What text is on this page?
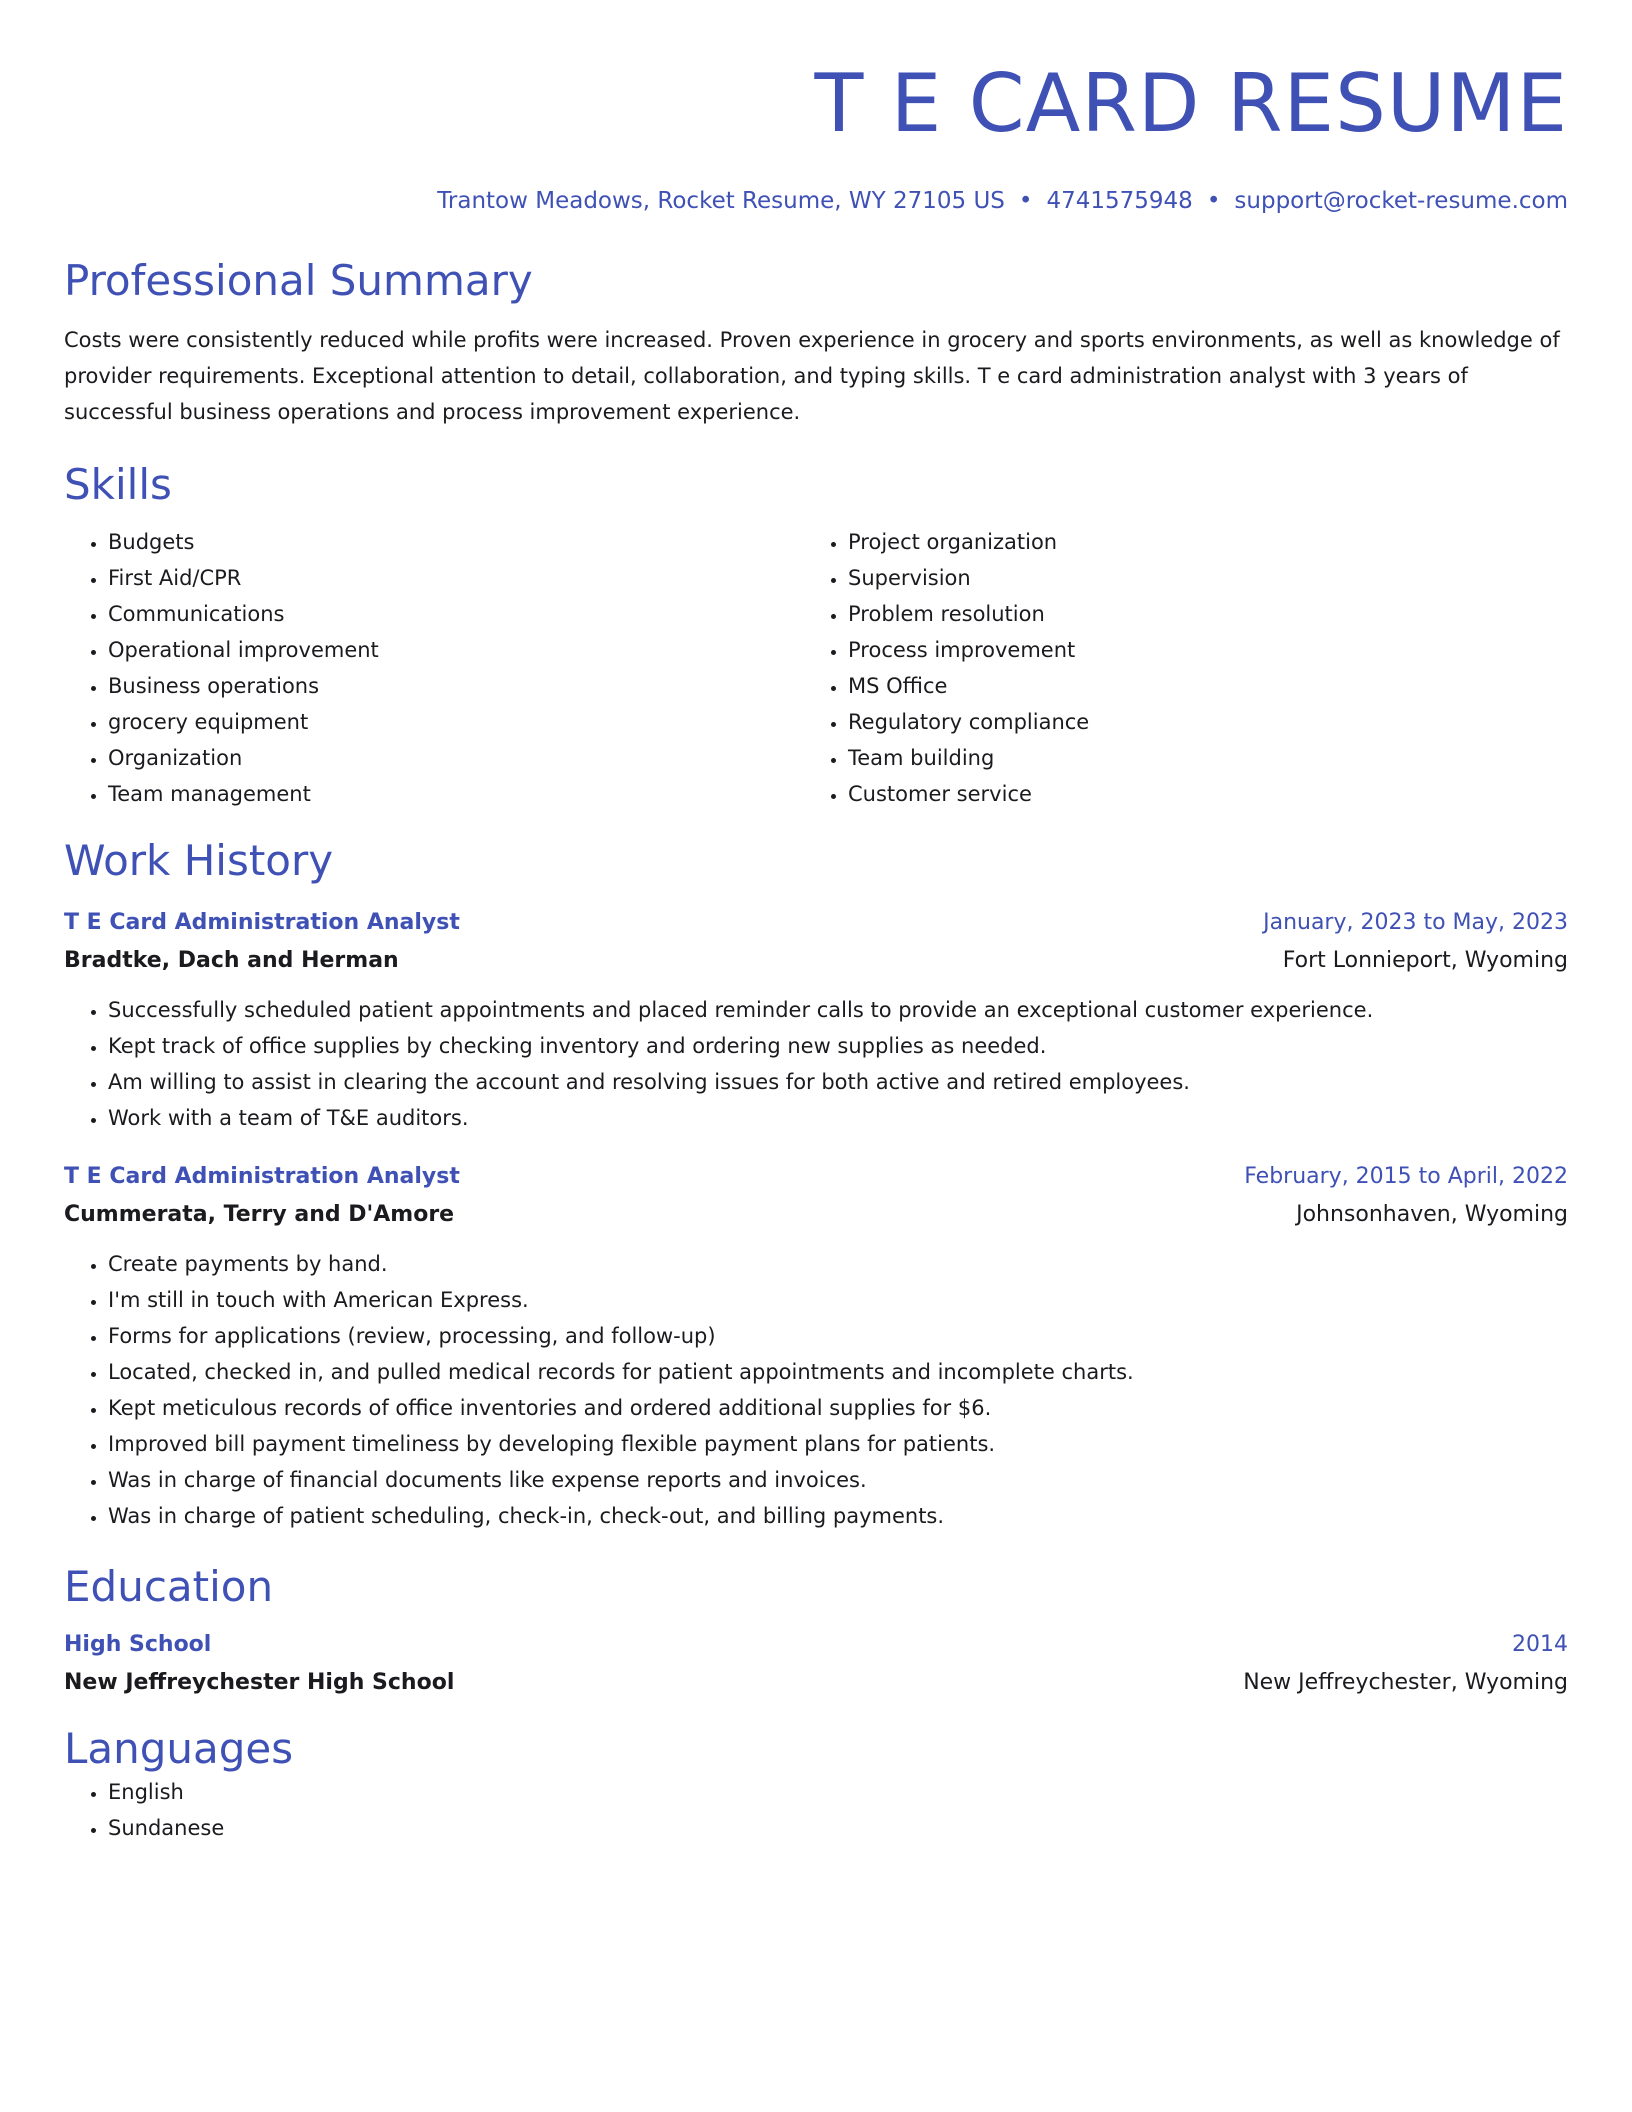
T E CARD RESUME
Trantow Meadows, Rocket Resume, WY 27105 US • 4741575948 • support@rocket-resume.com
Professional Summary
Costs were consistently reduced while profits were increased. Proven experience in grocery and sports environments, as well as knowledge of provider requirements. Exceptional attention to detail, collaboration, and typing skills. T e card administration analyst with 3 years of successful business operations and process improvement experience.
Skills
• Budgets
• First Aid/CPR
• Communications
• Operational improvement
• Business operations
• grocery equipment
• Organization
• Team management
• Project organization
• Supervision
• Problem resolution
• Process improvement
• MS Office
• Regulatory compliance
• Team building
• Customer service
Work History
T E Card Administration Analyst	January, 2023 to May, 2023
Bradtke, Dach and Herman	Fort Lonnieport, Wyoming
• Successfully scheduled patient appointments and placed reminder calls to provide an exceptional customer experience.
• Kept track of office supplies by checking inventory and ordering new supplies as needed.
• Am willing to assist in clearing the account and resolving issues for both active and retired employees.
• Work with a team of T&E auditors.
T E Card Administration Analyst	February, 2015 to April, 2022
Cummerata, Terry and D'Amore	Johnsonhaven, Wyoming
• Create payments by hand.
• I'm still in touch with American Express.
• Forms for applications (review, processing, and follow-up)
• Located, checked in, and pulled medical records for patient appointments and incomplete charts.
• Kept meticulous records of office inventories and ordered additional supplies for $6.
• Improved bill payment timeliness by developing flexible payment plans for patients.
• Was in charge of financial documents like expense reports and invoices.
• Was in charge of patient scheduling, check-in, check-out, and billing payments.
Education
High School	2014
New Jeffreychester High School	New Jeffreychester, Wyoming
Languages
• English
• Sundanese
